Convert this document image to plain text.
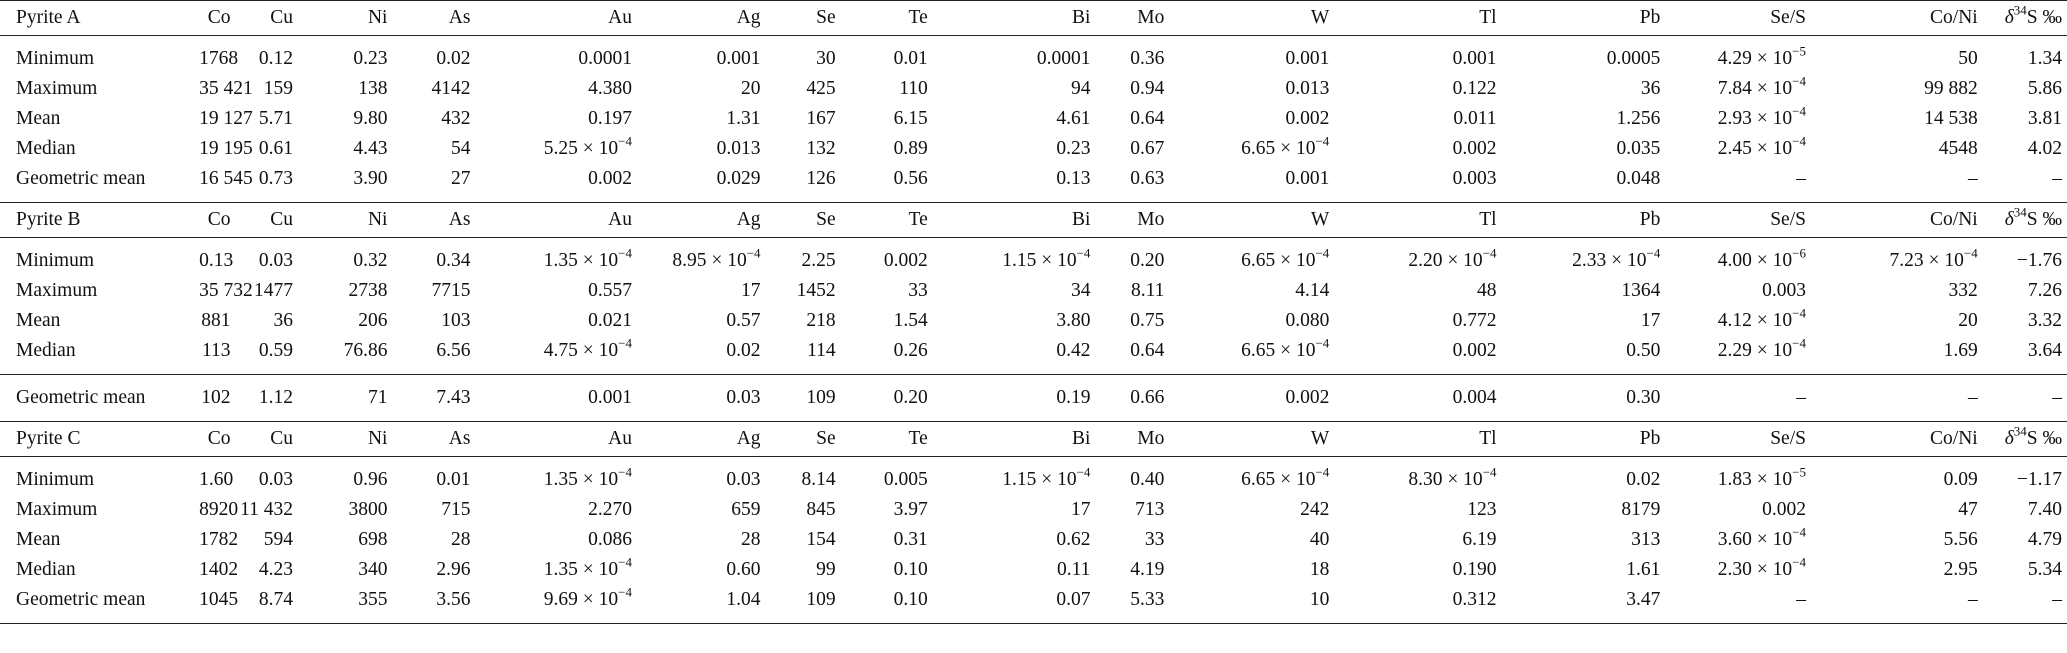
Pyrite A	Co	Cu	Ni	As	Au	Ag	Se	Te	Bi	Mo	W	Tl	Pb	Se/S	Co/Ni	$\delta^{34}S$ ‰

Minimum	1768	0.12	0.23	0.02	0.0001	0.001	30	0.01	0.0001	0.36	0.001	0.001	0.0005	$4.29 \times 10^{-5}$	50	1.34
Maximum	35 421	159	138	4142	4.380	20	425	110	94	0.94	0.013	0.122	36	$7.84 \times 10^{-4}$	99 882	5.86
Mean	19 127	5.71	9.80	432	0.197	1.31	167	6.15	4.61	0.64	0.002	0.011	1.256	$2.93 \times 10^{-4}$	14 538	3.81
Median	19 195	0.61	4.43	54	$5.25 \times 10^{-4}$	0.013	132	0.89	0.23	0.67	$6.65 \times 10^{-4}$	0.002	0.035	$2.45 \times 10^{-4}$	4548	4.02
Geometric mean	16 545	0.73	3.90	27	0.002	0.029	126	0.56	0.13	0.63	0.001	0.003	0.048	–	–	–

Pyrite B	Co	Cu	Ni	As	Au	Ag	Se	Te	Bi	Mo	W	Tl	Pb	Se/S	Co/Ni	$\delta^{34}S$ ‰

Minimum	0.13	0.03	0.32	0.34	$1.35 \times 10^{-4}$	$8.95 \times 10^{-4}$	2.25	0.002	$1.15 \times 10^{-4}$	0.20	$6.65 \times 10^{-4}$	$2.20 \times 10^{-4}$	$2.33 \times 10^{-4}$	$4.00 \times 10^{-6}$	$7.23 \times 10^{-4}$	−1.76
Maximum	35 732	1477	2738	7715	0.557	17	1452	33	34	8.11	4.14	48	1364	0.003	332	7.26
Mean	881	36	206	103	0.021	0.57	218	1.54	3.80	0.75	0.080	0.772	17	$4.12 \times 10^{-4}$	20	3.32
Median	113	0.59	76.86	6.56	$4.75 \times 10^{-4}$	0.02	114	0.26	0.42	0.64	$6.65 \times 10^{-4}$	0.002	0.50	$2.29 \times 10^{-4}$	1.69	3.64

Geometric mean	102	1.12	71	7.43	0.001	0.03	109	0.20	0.19	0.66	0.002	0.004	0.30	–	–	–

Pyrite C	Co	Cu	Ni	As	Au	Ag	Se	Te	Bi	Mo	W	Tl	Pb	Se/S	Co/Ni	$\delta^{34}S$ ‰

Minimum	1.60	0.03	0.96	0.01	$1.35 \times 10^{-4}$	0.03	8.14	0.005	$1.15 \times 10^{-4}$	0.40	$6.65 \times 10^{-4}$	$8.30 \times 10^{-4}$	0.02	$1.83 \times 10^{-5}$	0.09	−1.17
Maximum	8920	11 432	3800	715	2.270	659	845	3.97	17	713	242	123	8179	0.002	47	7.40
Mean	1782	594	698	28	0.086	28	154	0.31	0.62	33	40	6.19	313	$3.60 \times 10^{-4}$	5.56	4.79
Median	1402	4.23	340	2.96	$1.35 \times 10^{-4}$	0.60	99	0.10	0.11	4.19	18	0.190	1.61	$2.30 \times 10^{-4}$	2.95	5.34
Geometric mean	1045	8.74	355	3.56	$9.69 \times 10^{-4}$	1.04	109	0.10	0.07	5.33	10	0.312	3.47	–	–	–
